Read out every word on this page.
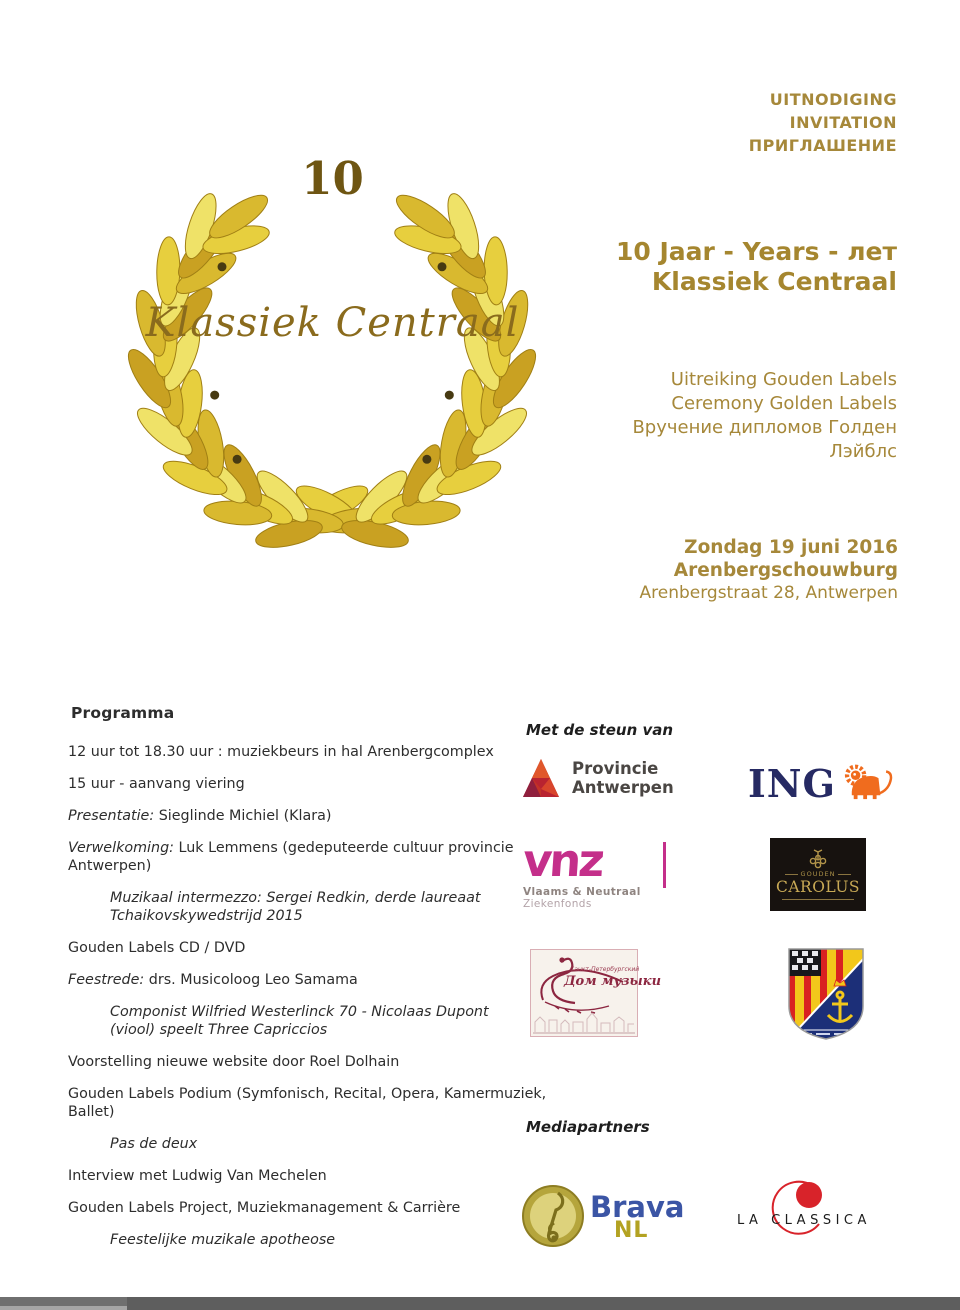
UITNODIGING
INVITATION
ПРИГЛАШЕНИЕ
10 Jaar - Years - лет
Klassiek Centraal
Uitreiking Gouden Labels
Ceremony Golden Labels
Вручение дипломов Голден
Лэйблс
Zondag 19 juni 2016
Arenbergschouwburg
Arenbergstraat 28, Antwerpen
10
Klassiek Centraal
Programma
12 uur tot 18.30 uur : muziekbeurs in hal Arenbergcomplex
15 uur - aanvang viering
Presentatie: Sieglinde Michiel (Klara)
Verwelkoming: Luk Lemmens (gedeputeerde cultuur provincie Antwerpen)
Muzikaal intermezzo: Sergei Redkin, derde laureaat Tchaikovskywedstrijd 2015
Gouden Labels CD / DVD
Feestrede: drs. Musicoloog Leo Samama
Componist Wilfried Westerlinck 70 - Nicolaas Dupont (viool) speelt Three Capriccios
Voorstelling nieuwe website door Roel Dolhain
Gouden Labels Podium (Symfonisch, Recital, Opera, Kamermuziek, Ballet)
Pas de deux
Interview met Ludwig Van Mechelen
Gouden Labels Project, Muziekmanagement & Carrière
Feestelijke muzikale apotheose
Met de steun van
Provincie
Antwerpen ING
vnz
Vlaams & Neutraal
Ziekenfonds
GOUDEN
CAROLUS
Санкт-Петербургский
Дом музыки
Mediapartners
Brava
NL	LA CLASSICA
